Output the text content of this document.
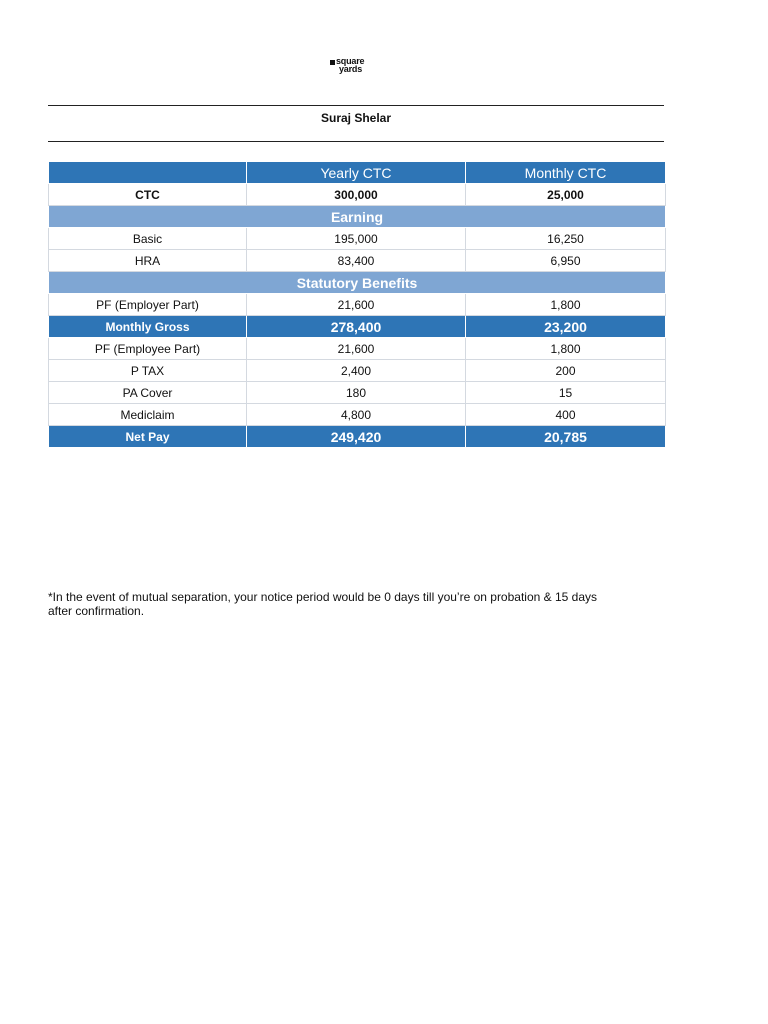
square
yards
Suraj Shelar
	Yearly CTC	Monthly CTC
CTC	300,000	25,000
Earning		
Basic	195,000	16,250
HRA	83,400	6,950
Statutory Benefits		
PF (Employer Part)	21,600	1,800
Monthly Gross	278,400	23,200
PF (Employee Part)	21,600	1,800
P TAX	2,400	200
PA Cover	180	15
Mediclaim	4,800	400
Net Pay	249,420	20,785
*In the event of mutual separation, your notice period would be 0 days till you’re on probation & 15 days
after confirmation.
